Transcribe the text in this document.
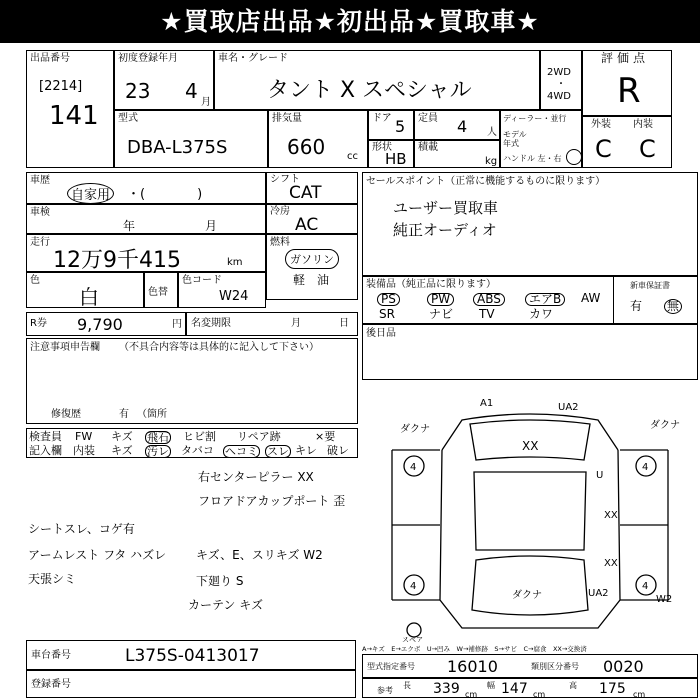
★買取店出品★初出品★買取車★
出品番号
[2214]
141
初度登録年月
23 4 月
車名・グレード
タント X スペシャル
2WD
・
4WD
評価点
R
型式
DBA-L375S
排気量
660 cc
ドア 5 定員 4 人
形状
HB
積載
kg
ディーラー・並行
モデル
年式
ハンドル 左・右
外装 内装
C C
車歴
自家用	・(　　　　)
シフト
CAT
車検
年	月
冷房
AC
走行
12万9千415	km
燃料
ガソリン
軽　油
色
白	色替
色コード
W24
R券 9,790	円 名変期限	月	日
注意事項申告欄 （不具合内容等は具体的に記入して下さい）
修復歴	有 （箇所
セールスポイント（正常に機能するものに限ります）
ユーザー買取車
純正オーディオ
装備品（純正品に限ります）
PS	PW	ABS	エアB	AW
SR	ナビ TV	カワ
新車保証書
有 無
後日品
検査員
記入欄
FW キズ 飛石 ヒビ割 リペア跡	×要
内装 キズ 汚レ タバコ ヘコミ スレ キレ 破レ
右センターピラー XX
フロアドアカップポート 歪
シートスレ、コゲ有
アームレスト フタ ハズレ キズ、E、スリキズ W2
天張シミ	下廻り S
カーテン キズ
A1	UA2
ダクナ	ダクナ
XX
U
XX
XX
ダクナ	UA2
W2
4	4
4	4
スペア
A→キズ　E→エクボ　U→凹み　W→補修跡　S→サビ　C→腐食　XX→交換済
車台番号	L375S-0413017
登録番号
型式指定番号 16010	類別区分番号 0020
参考
長 339 cm
幅 147 cm
高 175 cm
